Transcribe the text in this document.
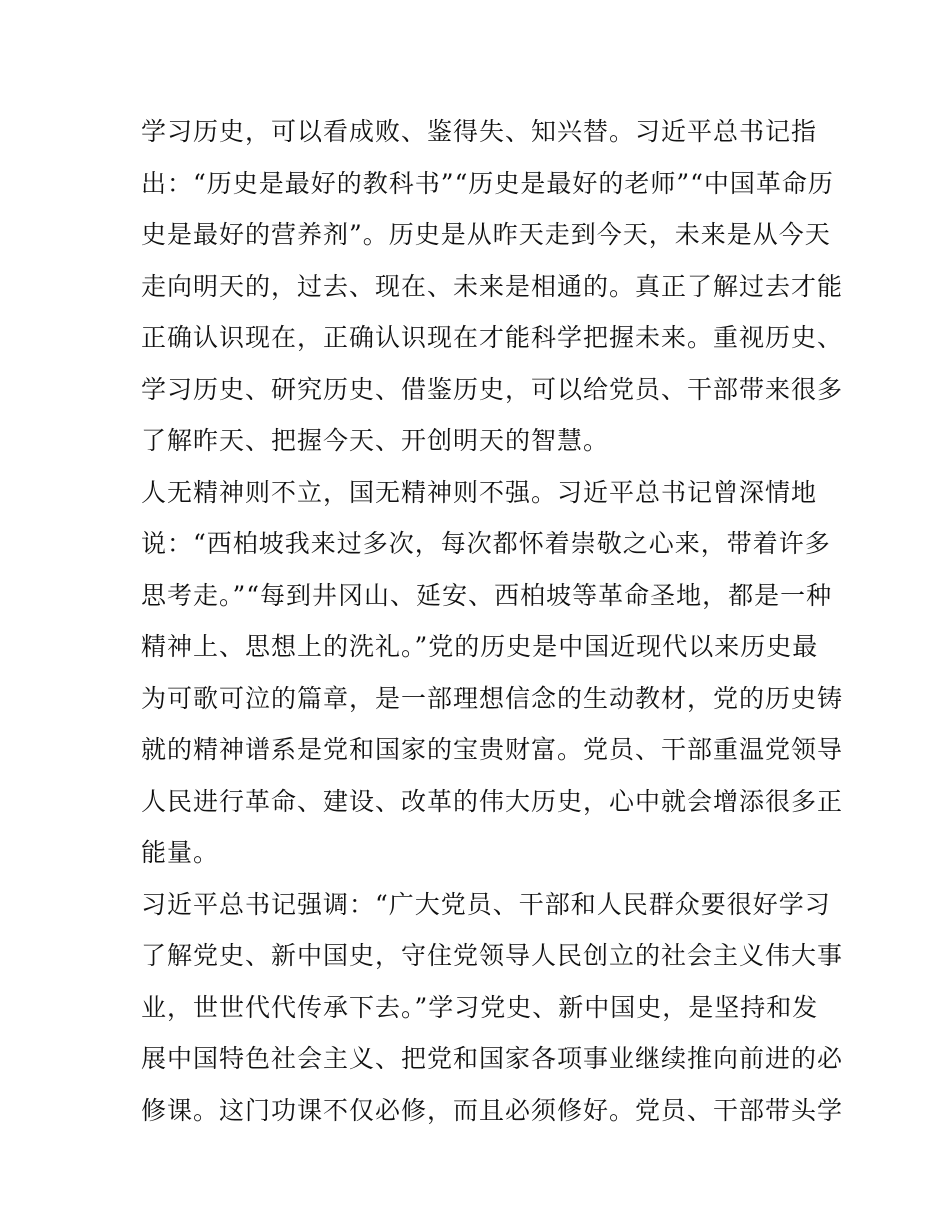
学习历史，可以看成败、鉴得失、知兴替。习近平总书记指
出：“历史是最好的教科书”“历史是最好的老师”“中国革命历
史是最好的营养剂”。历史是从昨天走到今天，未来是从今天
走向明天的，过去、现在、未来是相通的。真正了解过去才能
正确认识现在，正确认识现在才能科学把握未来。重视历史、
学习历史、研究历史、借鉴历史，可以给党员、干部带来很多
了解昨天、把握今天、开创明天的智慧。
人无精神则不立，国无精神则不强。习近平总书记曾深情地
说：“西柏坡我来过多次，每次都怀着崇敬之心来，带着许多
思考走。”“每到井冈山、延安、西柏坡等革命圣地，都是一种
精神上、思想上的洗礼。”党的历史是中国近现代以来历史最
为可歌可泣的篇章，是一部理想信念的生动教材，党的历史铸
就的精神谱系是党和国家的宝贵财富。党员、干部重温党领导
人民进行革命、建设、改革的伟大历史，心中就会增添很多正
能量。
习近平总书记强调：“广大党员、干部和人民群众要很好学习
了解党史、新中国史，守住党领导人民创立的社会主义伟大事
业，世世代代传承下去。”学习党史、新中国史，是坚持和发
展中国特色社会主义、把党和国家各项事业继续推向前进的必
修课。这门功课不仅必修，而且必须修好。党员、干部带头学
